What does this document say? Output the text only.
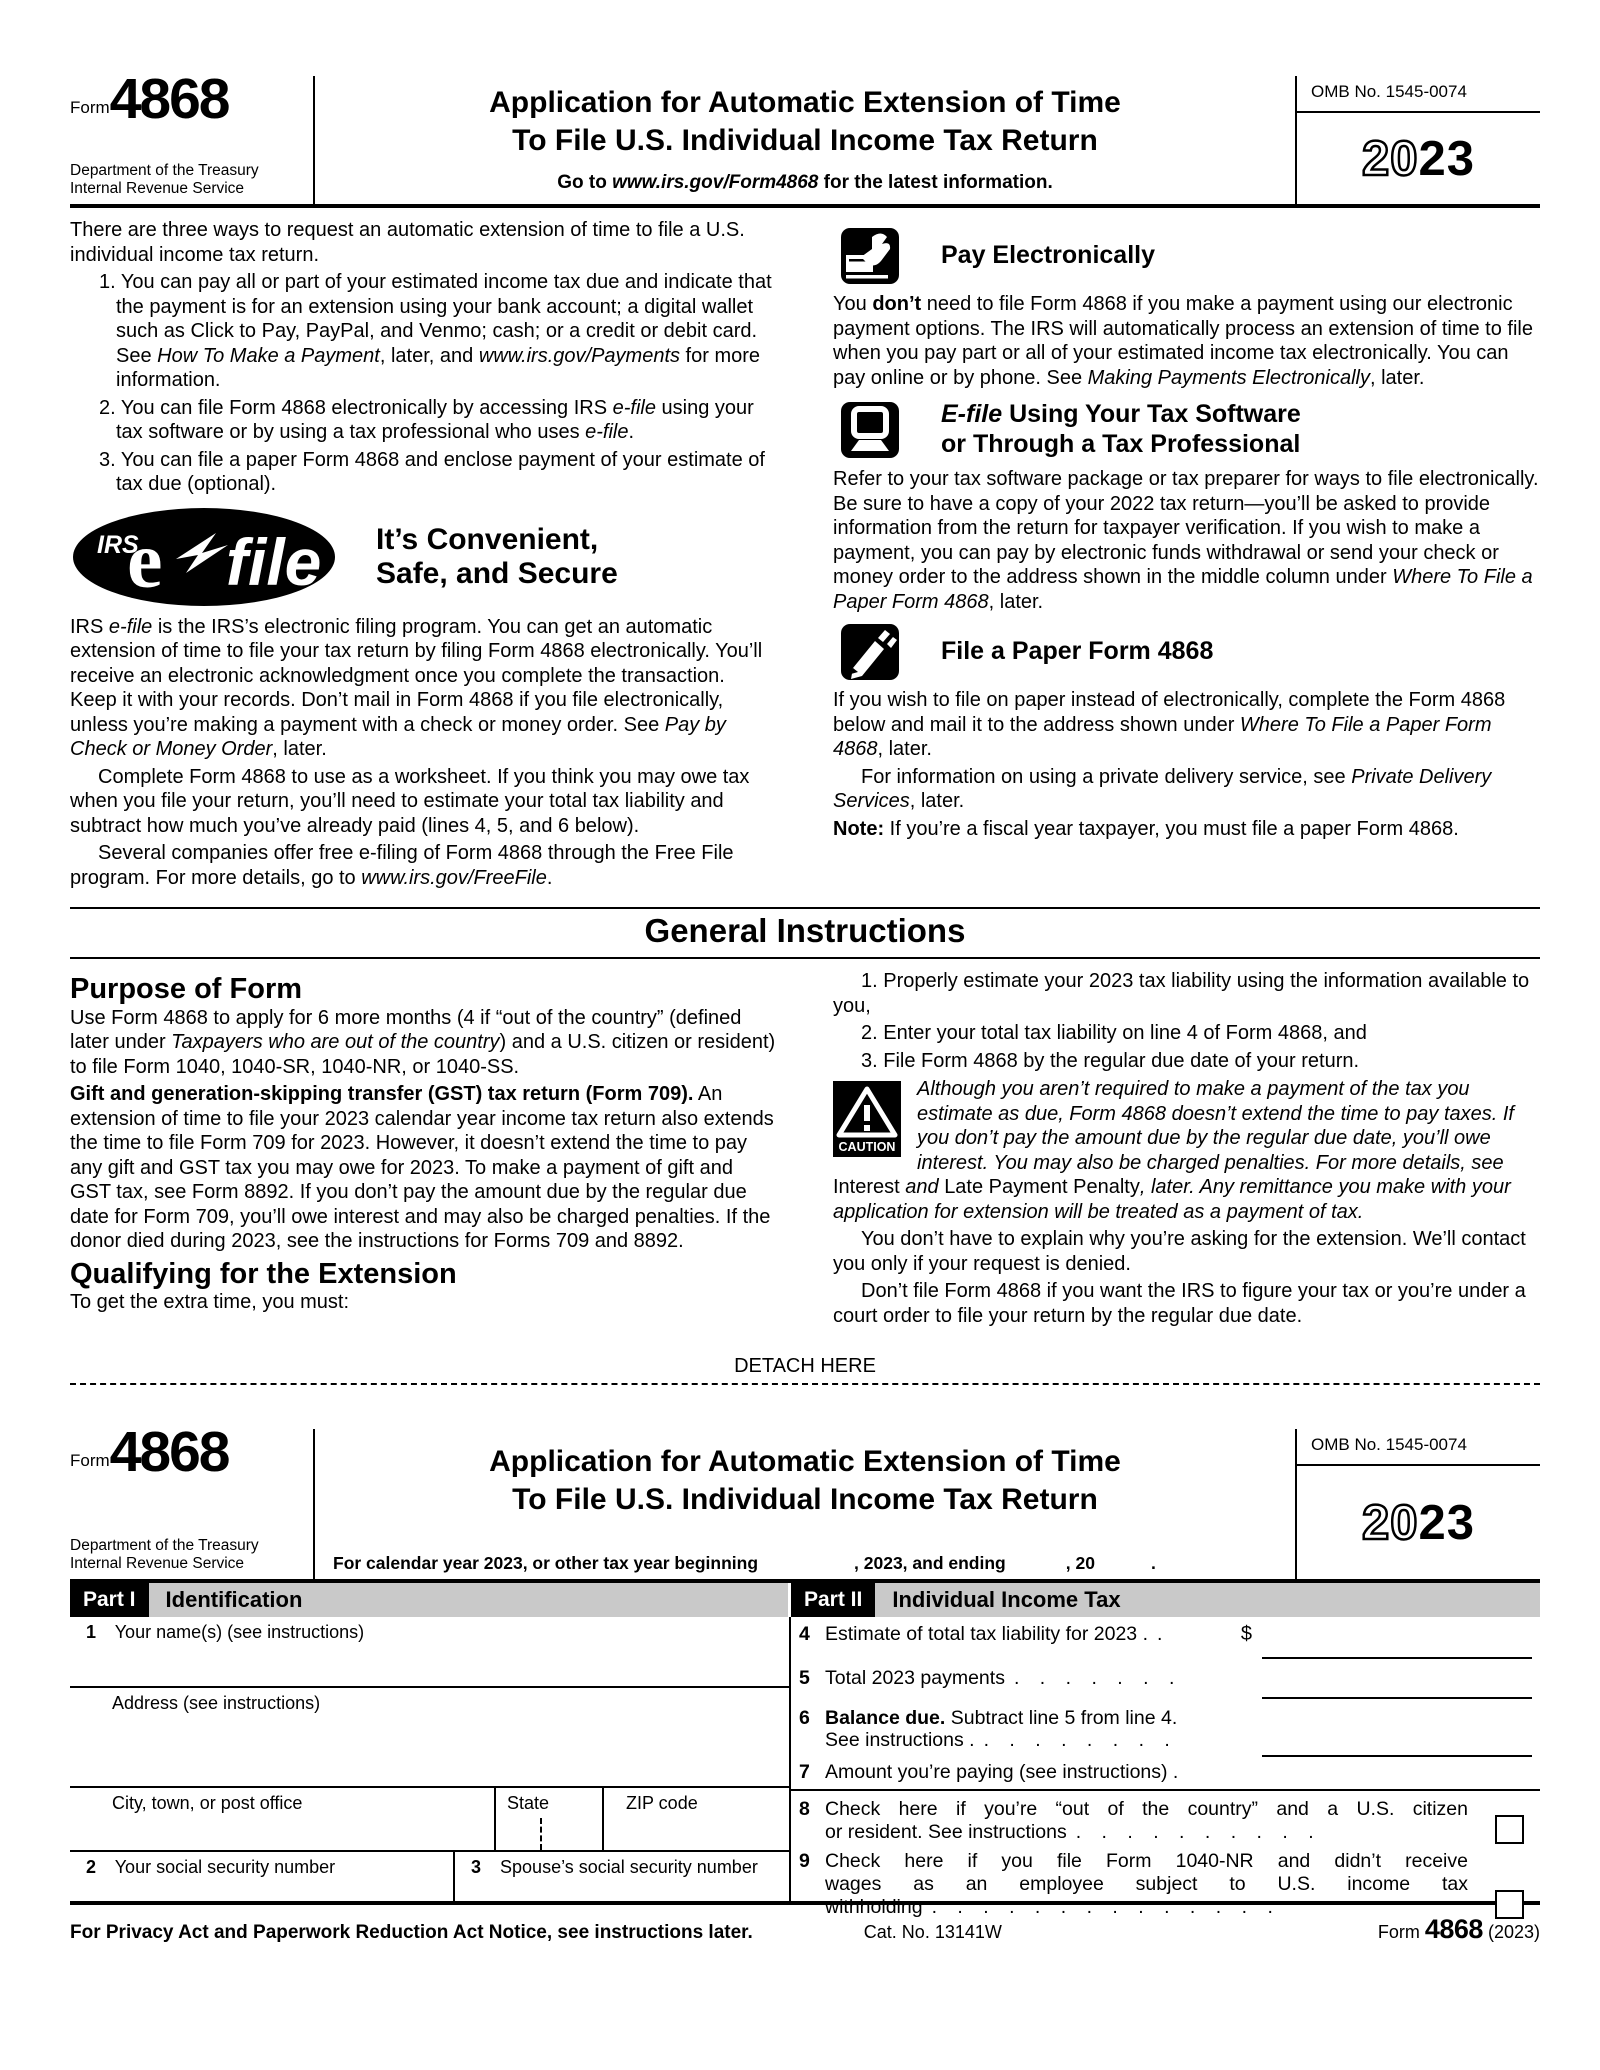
Form 4868
Department of the Treasury
Internal Revenue Service
Application for Automatic Extension of Time
To File U.S. Individual Income Tax Return
Go to www.irs.gov/Form4868 for the latest information.
OMB No. 1545-0074
20 23

There are three ways to request an automatic extension of time to file a U.S. individual income tax return.

1. You can pay all or part of your estimated income tax due and indicate that the payment is for an extension using your bank account; a digital wallet such as Click to Pay, PayPal, and Venmo; cash; or a credit or debit card. See How To Make a Payment, later, and www.irs.gov/Payments for more information.

2. You can file Form 4868 electronically by accessing IRS e-file using your tax software or by using a tax professional who uses e-file.

3. You can file a paper Form 4868 and enclose payment of your estimate of tax due (optional).

IRS
e file It’s Convenient,
Safe, and Secure

IRS e-file is the IRS’s electronic filing program. You can get an automatic extension of time to file your tax return by filing Form 4868 electronically. You’ll receive an electronic acknowledgment once you complete the transaction. Keep it with your records. Don’t mail in Form 4868 if you file electronically, unless you’re making a payment with a check or money order. See Pay by Check or Money Order, later.

Complete Form 4868 to use as a worksheet. If you think you may owe tax when you file your return, you’ll need to estimate your total tax liability and subtract how much you’ve already paid (lines 4, 5, and 6 below).

Several companies offer free e-filing of Form 4868 through the Free File program. For more details, go to www.irs.gov/FreeFile.

Pay Electronically

You don’t need to file Form 4868 if you make a payment using our electronic payment options. The IRS will automatically process an extension of time to file when you pay part or all of your estimated income tax electronically. You can pay online or by phone. See Making Payments Electronically, later.

E-file Using Your Tax Software
or Through a Tax Professional

Refer to your tax software package or tax preparer for ways to file electronically. Be sure to have a copy of your 2022 tax return—you’ll be asked to provide information from the return for taxpayer verification. If you wish to make a payment, you can pay by electronic funds withdrawal or send your check or money order to the address shown in the middle column under Where To File a Paper Form 4868, later.

File a Paper Form 4868

If you wish to file on paper instead of electronically, complete the Form 4868 below and mail it to the address shown under Where To File a Paper Form 4868, later.

For information on using a private delivery service, see Private Delivery Services, later.

Note: If you’re a fiscal year taxpayer, you must file a paper Form 4868.

General Instructions
Purpose of Form

Use Form 4868 to apply for 6 more months (4 if “out of the country” (defined later under Taxpayers who are out of the country) and a U.S. citizen or resident) to file Form 1040, 1040-SR, 1040-NR, or 1040-SS.

Gift and generation-skipping transfer (GST) tax return (Form 709). An extension of time to file your 2023 calendar year income tax return also extends the time to file Form 709 for 2023. However, it doesn’t extend the time to pay any gift and GST tax you may owe for 2023. To make a payment of gift and GST tax, see Form 8892. If you don’t pay the amount due by the regular due date for Form 709, you’ll owe interest and may also be charged penalties. If the donor died during 2023, see the instructions for Forms 709 and 8892.

Qualifying for the Extension

To get the extra time, you must:

1. Properly estimate your 2023 tax liability using the information available to you,

2. Enter your total tax liability on line 4 of Form 4868, and

3. File Form 4868 by the regular due date of your return.

CAUTION

Although you aren’t required to make a payment of the tax you estimate as due, Form 4868 doesn’t extend the time to pay taxes. If you don’t pay the amount due by the regular due date, you’ll owe interest. You may also be charged penalties. For more details, see Interest and Late Payment Penalty, later. Any remittance you make with your application for extension will be treated as a payment of tax.

You don’t have to explain why you’re asking for the extension. We’ll contact you only if your request is denied.

Don’t file Form 4868 if you want the IRS to figure your tax or you’re under a court order to file your return by the regular due date.

DETACH HERE
Form 4868
Department of the Treasury
Internal Revenue Service
Application for Automatic Extension of Time
To File U.S. Individual Income Tax Return
For calendar year 2023, or other tax year beginning	, 2023, and ending	, 20	.
OMB No. 1545-0074
20 23
Part I	Identification	Part II	Individual Income Tax
1 Your name(s) (see instructions)
Address (see instructions)
City, town, or post office	State	ZIP code
2 Your social security number	3 Spouse’s social security number
4 Estimate of total tax liability for 2023 . .	$
5 Total 2023 payments . . . . . . .
6 Balance due. Subtract line 5 from line 4.
See instructions . . . . . . . . .
7 Amount you’re paying (see instructions) .
8 Check here if you’re “out of the country” and a U.S. citizen
or resident. See instructions . . . . . . . . . .
9 Check here if you file Form 1040-NR and didn’t receive
wages as an employee subject to U.S. income tax
withholding . . . . . . . . . . . . . .
For Privacy Act and Paperwork Reduction Act Notice, see instructions later.	Cat. No. 13141W	Form 4868 (2023)
